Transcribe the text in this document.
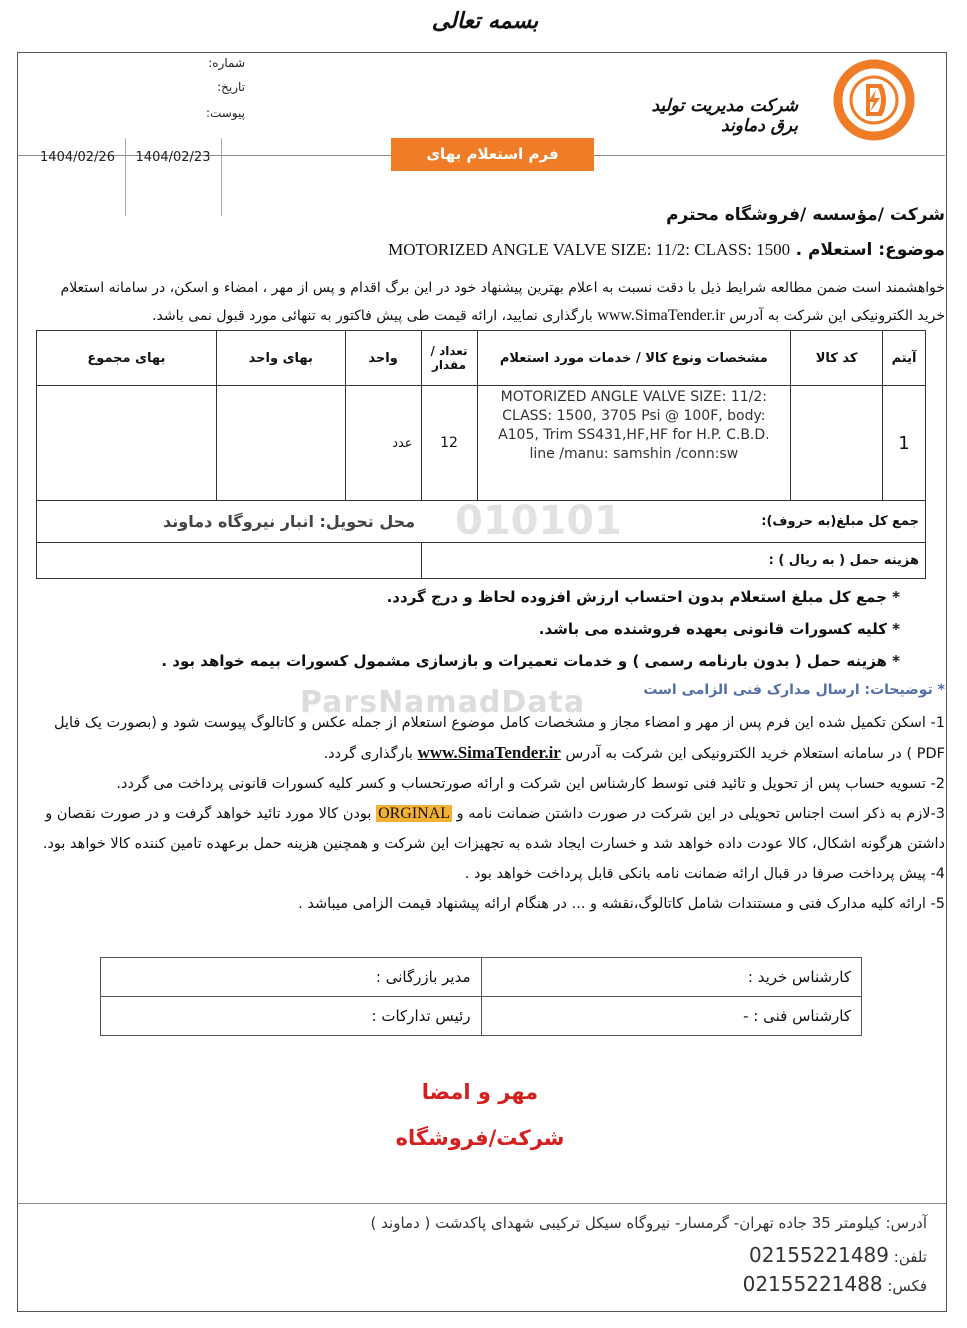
بسمه تعالی
شماره:
تاریخ:
پیوست:	شرکت مدیریت تولید برق دماوند
فرم استعلام بهای
1404/02/26	1404/02/23
شرکت /مؤسسه /فروشگاه محترم
موضوع: استعلام . MOTORIZED ANGLE VALVE SIZE: 11/2: CLASS: 1500
خواهشمند است ضمن مطالعه شرایط ذیل با دقت نسبت به اعلام بهترین پیشنهاد خود در این برگ اقدام و پس از مهر ، امضاء و اسکن، در سامانه استعلام
خرید الکترونیکی این شرکت به آدرس www.SimaTender.ir بارگذاری نمایید، ارائه قیمت طی پیش فاکتور به تنهائی مورد قبول نمی باشد.
آیتم	کد کالا	مشخصات ونوع کالا / خدمات مورد استعلام	تعداد / مقدار	واحد	بهای واحد	بهای مجموع
1		MOTORIZED ANGLE VALVE SIZE: 11/2: CLASS: 1500, 3705 Psi @ 100F, body: A105, Trim SS431,HF,HF for H.P. C.B.D. line /manu: samshin /conn:sw	12	عدد		
جمع کل مبلغ(به حروف):				محل تحویل: انبار نیروگاه دماوند		
هزینه حمل ( به ریال ) :						
ParsNamadData
010101
* جمع کل مبلغ استعلام بدون احتساب ارزش افزوده لحاظ و درج گردد.
* کلیه کسورات قانونی بعهده فروشنده می باشد.
* هزینه حمل ( بدون بارنامه رسمی ) و خدمات تعمیرات و بازسازی مشمول کسورات بیمه خواهد بود .
* توضیحات: ارسال مدارک فنی الزامی است
1- اسکن تکمیل شده این فرم پس از مهر و امضاء مجاز و مشخصات کامل موضوع استعلام از جمله عکس و کاتالوگ پیوست شود و (بصورت یک فایل
PDF ) در سامانه استعلام خرید الکترونیکی این شرکت به آدرس www.SimaTender.ir بارگذاری گردد.
2- تسویه حساب پس از تحویل و تائید فنی توسط کارشناس این شرکت و ارائه صورتحساب و کسر کلیه کسورات قانونی پرداخت می گردد.
3-لازم به ذکر است اجناس تحویلی در این شرکت در صورت داشتن ضمانت نامه و ORGINAL بودن کالا مورد تائید خواهد گرفت و در صورت نقصان و
داشتن هرگونه اشکال، کالا عودت داده خواهد شد و خسارت ایجاد شده به تجهیزات این شرکت و همچنین هزینه حمل برعهده تامین کننده کالا خواهد بود.
4- پیش پرداخت صرفا در قبال ارائه ضمانت نامه بانکی قابل پرداخت خواهد بود .
5- ارائه کلیه مدارک فنی و مستندات شامل کاتالوگ،نقشه و ... در هنگام ارائه پیشنهاد قیمت الزامی میباشد .
کارشناس خرید :	مدیر بازرگانی :
کارشناس فنی : -	رئیس تدارکات :
مهر و امضا
شرکت/فروشگاه
آدرس: کیلومتر 35 جاده تهران- گرمسار- نیروگاه سیکل ترکیبی شهدای پاکدشت ( دماوند )
تلفن: 02155221489
فکس: 02155221488
